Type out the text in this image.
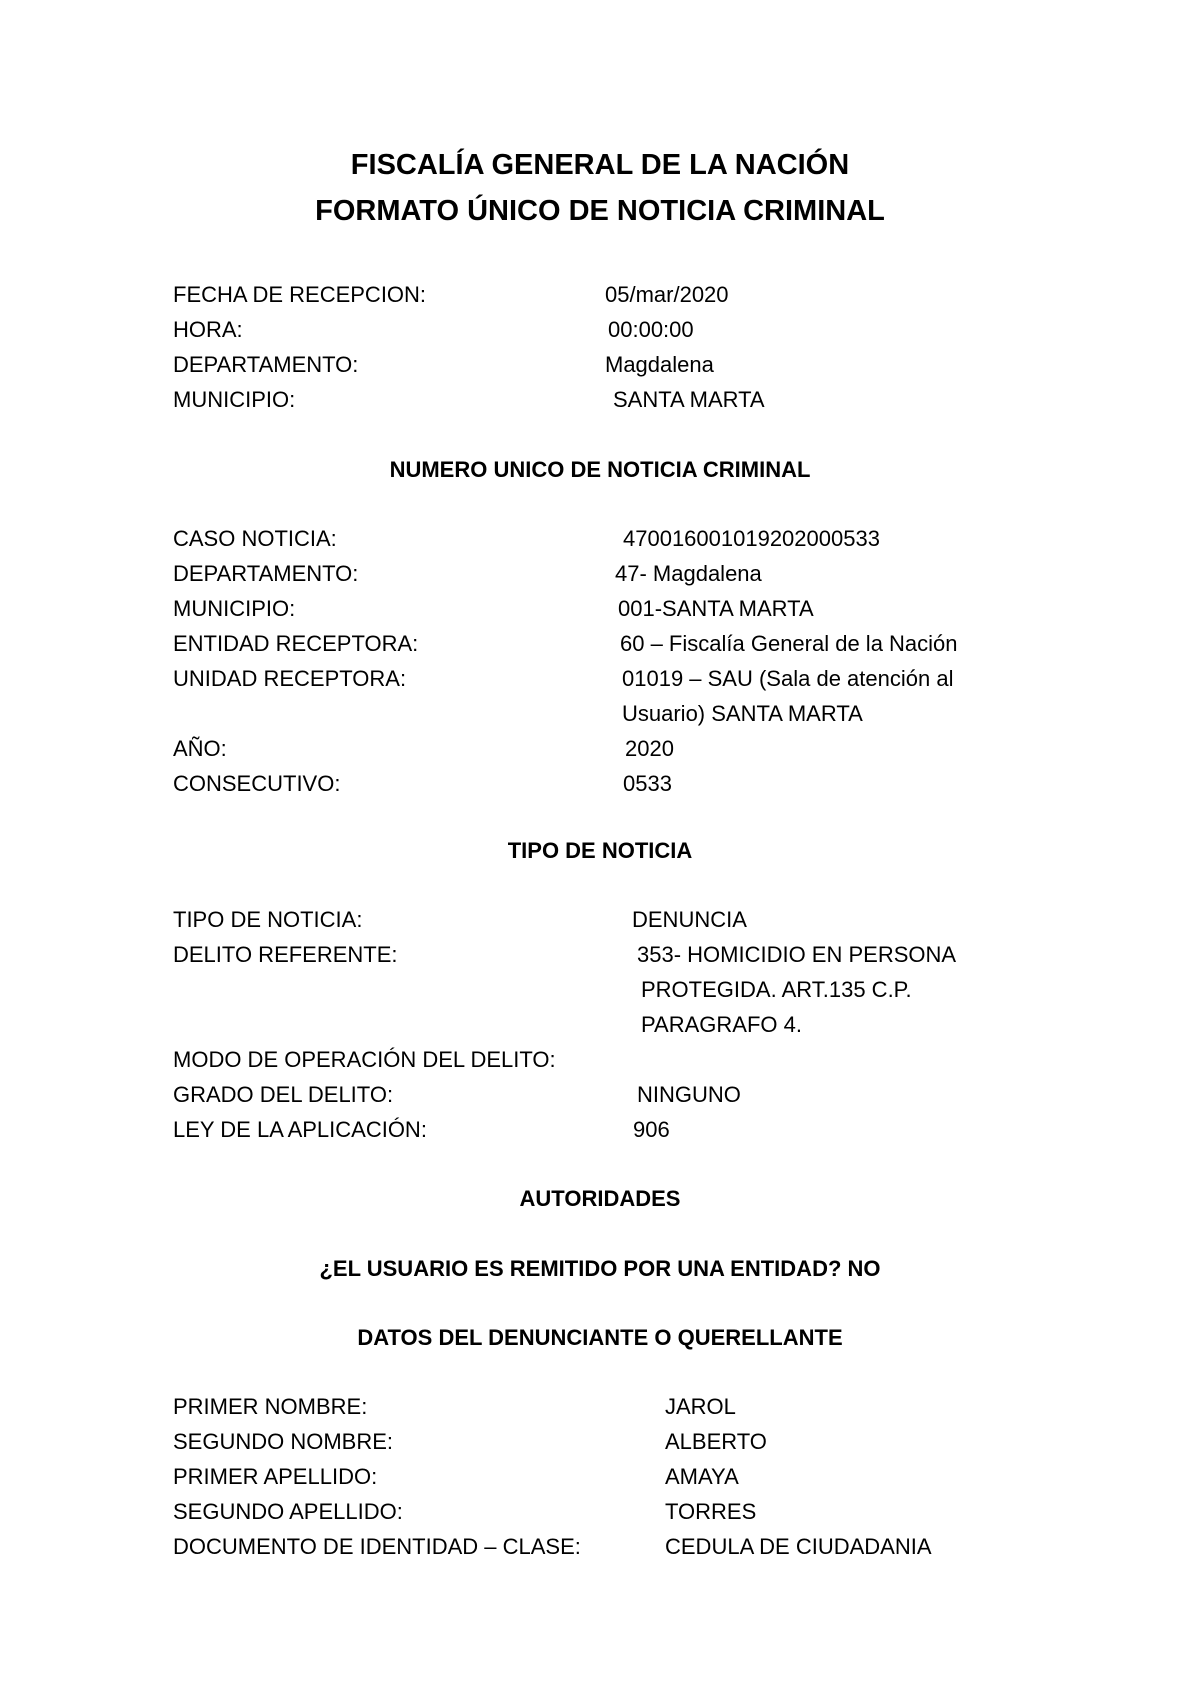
FISCALÍA GENERAL DE LA NACIÓN
FORMATO ÚNICO DE NOTICIA CRIMINAL
FECHA DE RECEPCION:	05/mar/2020
HORA:	00:00:00
DEPARTAMENTO:	Magdalena
MUNICIPIO:	SANTA MARTA
NUMERO UNICO DE NOTICIA CRIMINAL
CASO NOTICIA:	470016001019202000533
DEPARTAMENTO:	47- Magdalena
MUNICIPIO:	001-SANTA MARTA
ENTIDAD RECEPTORA:	60 – Fiscalía General de la Nación
UNIDAD RECEPTORA:	01019 – SAU (Sala de atención al
Usuario) SANTA MARTA
AÑO:	2020
CONSECUTIVO:	0533
TIPO DE NOTICIA
TIPO DE NOTICIA:	DENUNCIA
DELITO REFERENTE:	353- HOMICIDIO EN PERSONA
PROTEGIDA. ART.135 C.P.
PARAGRAFO 4.
MODO DE OPERACIÓN DEL DELITO:
GRADO DEL DELITO:	NINGUNO
LEY DE LA APLICACIÓN:	906
AUTORIDADES
¿EL USUARIO ES REMITIDO POR UNA ENTIDAD? NO
DATOS DEL DENUNCIANTE O QUERELLANTE
PRIMER NOMBRE:	JAROL
SEGUNDO NOMBRE:	ALBERTO
PRIMER APELLIDO:	AMAYA
SEGUNDO APELLIDO:	TORRES
DOCUMENTO DE IDENTIDAD – CLASE:	CEDULA DE CIUDADANIA
